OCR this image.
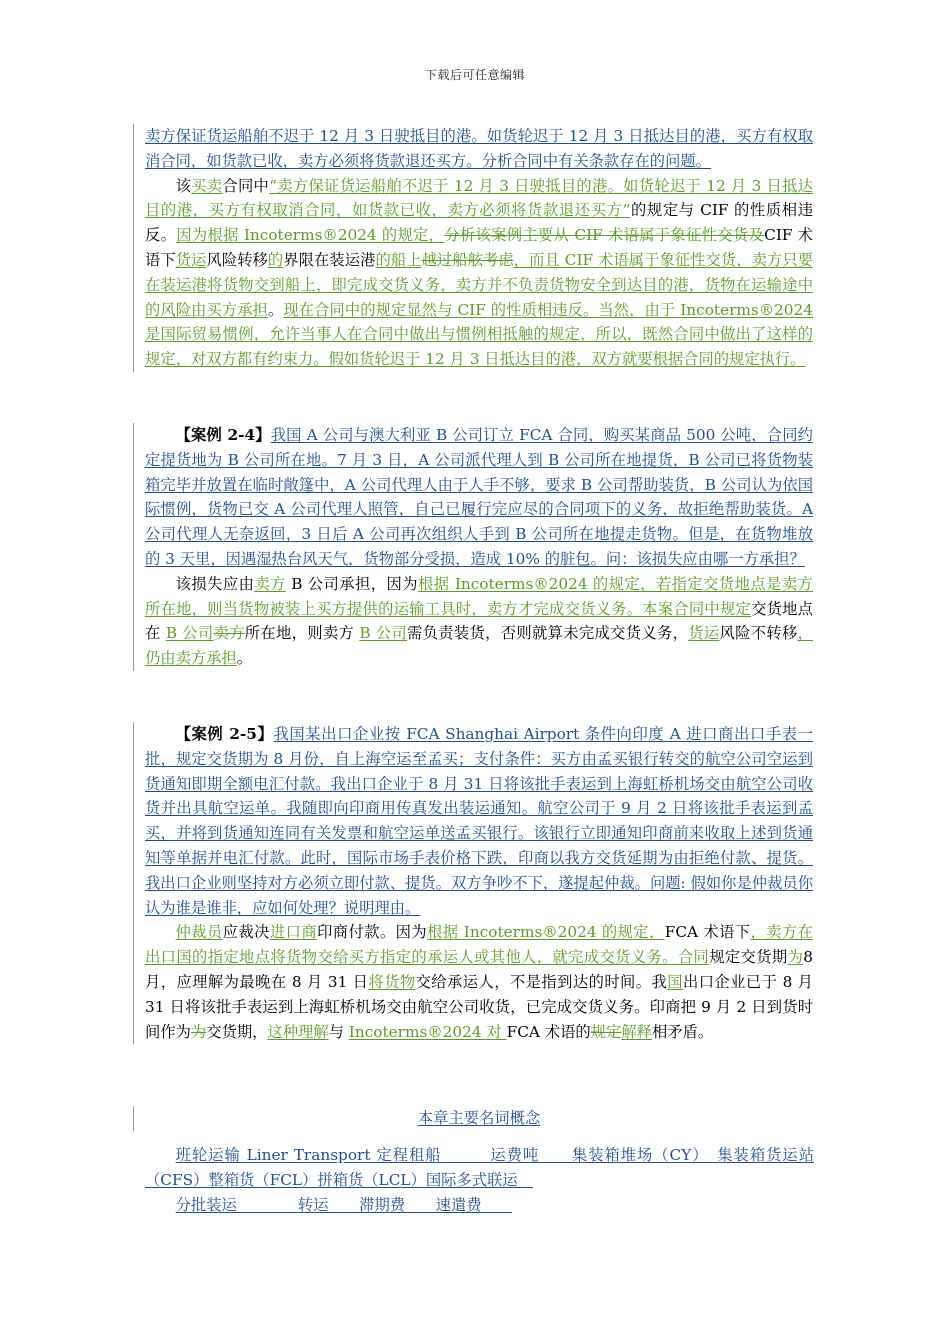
下载后可任意编辑

卖方保证货运船舶不迟于 12 月 3 日驶抵目的港。如货轮迟于 12 月 3 日抵达目的港，买方有权取消合同，如货款已收，卖方必须将货款退还买方。分析合同中有关条款存在的问题。

该买卖合同中“卖方保证货运船舶不迟于 12 月 3 日驶抵目的港。如货轮迟于 12 月 3 日抵达目的港，买方有权取消合同，如货款已收，卖方必须将货款退还买方”的规定与 CIF 的性质相违反。因为根据 Incoterms®2024 的规定，分析该案例主要从 CIF 术语属于象征性交货及CIF 术语下货运风险转移的界限在装运港的船上越过船舷考虑，而且 CIF 术语属于象征性交货，卖方只要在装运港将货物交到船上，即完成交货义务，卖方并不负责货物安全到达目的港，货物在运输途中的风险由买方承担。现在合同中的规定显然与 CIF 的性质相违反。当然，由于 Incoterms®2024 是国际贸易惯例，允许当事人在合同中做出与惯例相抵触的规定，所以，既然合同中做出了这样的规定，对双方都有约束力。假如货轮迟于 12 月 3 日抵达目的港，双方就要根据合同的规定执行。

【案例 2-4】我国 A 公司与澳大利亚 B 公司订立 FCA 合同，购买某商品 500 公吨，合同约定提货地为 B 公司所在地。7 月 3 日，A 公司派代理人到 B 公司所在地提货，B 公司已将货物装箱完毕并放置在临时敞篷中，A 公司代理人由于人手不够，要求 B 公司帮助装货，B 公司认为依国际惯例，货物已交 A 公司代理人照管，自己已履行完应尽的合同项下的义务，故拒绝帮助装货。A 公司代理人无奈返回，3 日后 A 公司再次组织人手到 B 公司所在地提走货物。但是，在货物堆放的 3 天里，因遇湿热台风天气，货物部分受损，造成 10% 的脏包。问：该损失应由哪一方承担？

该损失应由卖方 B 公司承担，因为根据 Incoterms®2024 的规定，若指定交货地点是卖方所在地，则当货物被装上买方提供的运输工具时，卖方才完成交货义务。本案合同中规定交货地点在 B 公司卖方所在地，则卖方 B 公司需负责装货，否则就算未完成交货义务，货运风险不转移，仍由卖方承担。

【案例 2-5】我国某出口企业按 FCA Shanghai Airport 条件向印度 A 进口商出口手表一批，规定交货期为 8 月份，自上海空运至孟买；支付条件：买方由孟买银行转交的航空公司空运到货通知即期全额电汇付款。我出口企业于 8 月 31 日将该批手表运到上海虹桥机场交由航空公司收货并出具航空运单。我随即向印商用传真发出装运通知。航空公司于 9 月 2 日将该批手表运到孟买，并将到货通知连同有关发票和航空运单送孟买银行。该银行立即通知印商前来收取上述到货通知等单据并电汇付款。此时，国际市场手表价格下跌，印商以我方交货延期为由拒绝付款、提货。我出口企业则坚持对方必须立即付款、提货。双方争吵不下，遂提起仲裁。问题: 假如你是仲裁员你认为谁是谁非，应如何处理？说明理由。

仲裁员应裁决进口商印商付款。因为根据 Incoterms®2024 的规定，FCA 术语下，卖方在出口国的指定地点将货物交给买方指定的承运人或其他人，就完成交货义务。合同规定交货期为8 月，应理解为最晚在 8 月 31 日将货物交给承运人，不是指到达的时间。我国出口企业已于 8 月 31 日将该批手表运到上海虹桥机场交由航空公司收货，已完成交货义务。印商把 9 月 2 日到货时间作为为交货期，这种理解与 Incoterms®2024 对 FCA 术语的规定解释相矛盾。

本章主要名词概念

班轮运输 Liner Transport 定程租船　　　运费吨　　集装箱堆场（CY）　集装箱货运站（CFS）整箱货（FCL）拼箱货（LCL）国际多式联运　

分批装运　　　　转运　　滞期费　　速遣费　　
